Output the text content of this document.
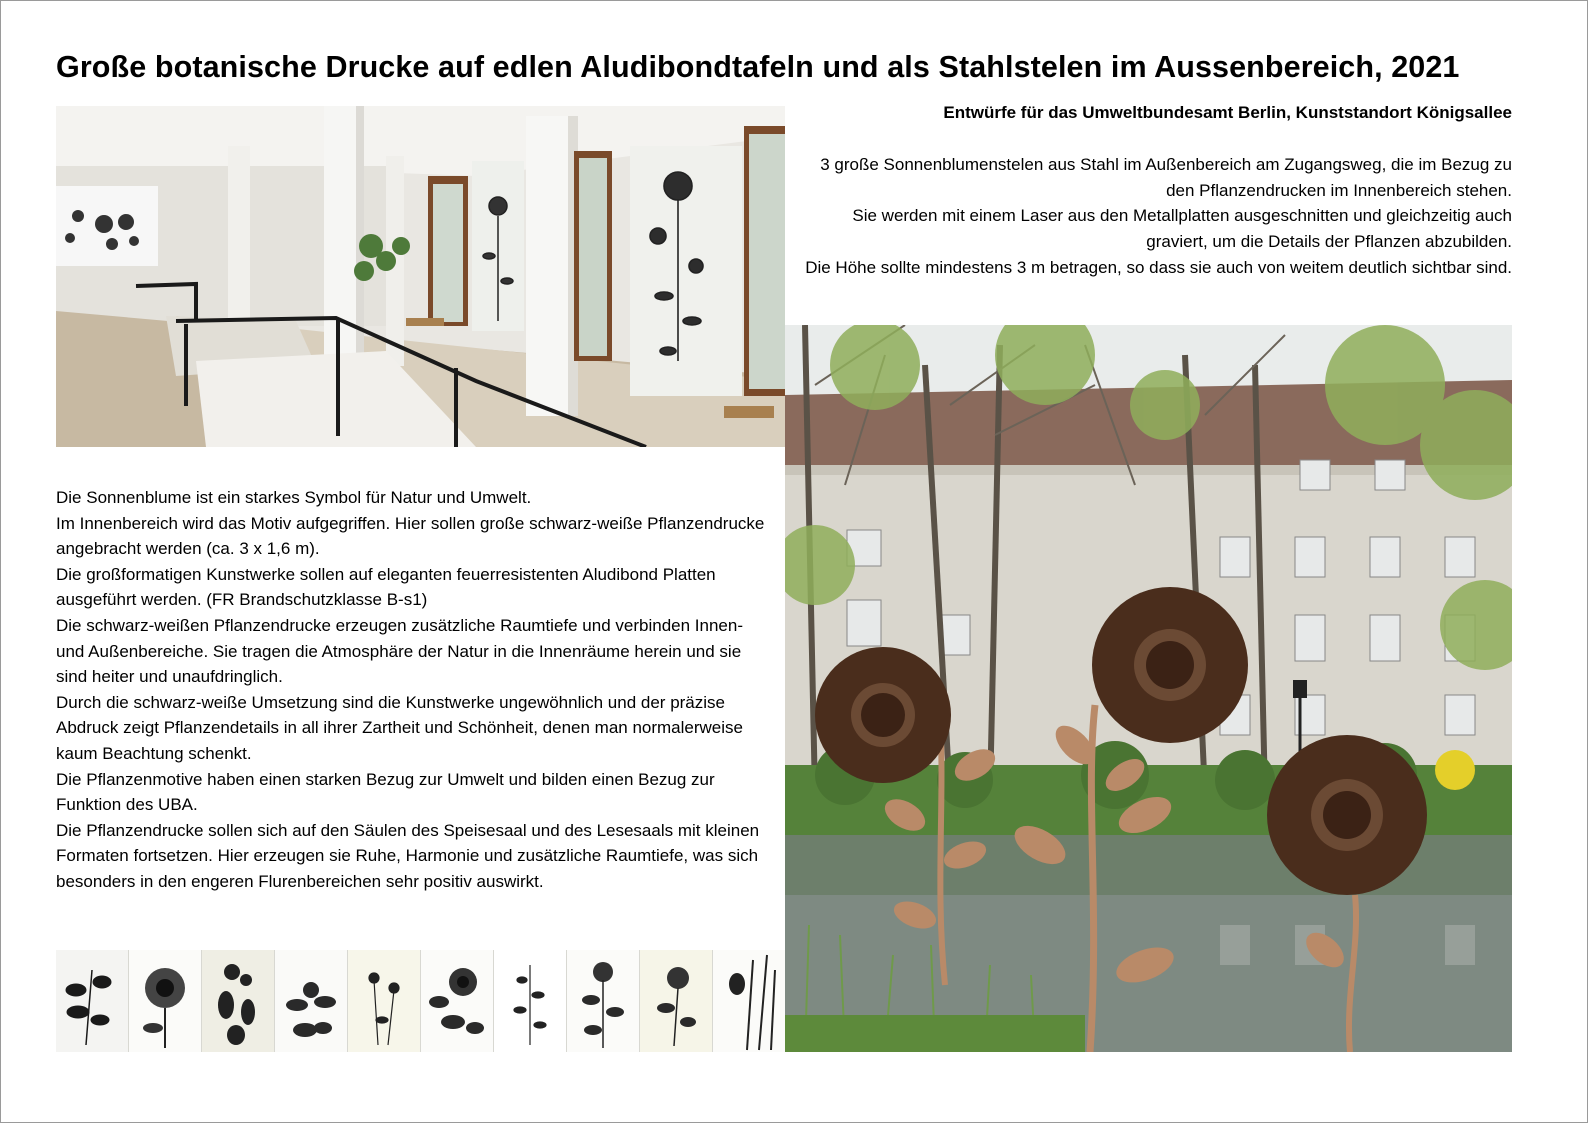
Große botanische Drucke auf edlen Aludibondtafeln und als Stahlstelen im Aussenbereich, 2021
Entwürfe für das Umweltbundesamt Berlin, Kunststandort Königsallee

3 große Sonnenblumenstelen aus Stahl im Außenbereich am Zugangsweg, die im Bezug zu den Pflanzendrucken im Innenbereich stehen.

Sie werden mit einem Laser aus den Metallplatten ausgeschnitten und gleichzeitig auch graviert, um die Details der Pflanzen abzubilden.

Die Höhe sollte mindestens 3 m betragen, so dass sie auch von weitem deutlich sichtbar sind.

Die Sonnenblume ist ein starkes Symbol für Natur und Umwelt.

Im Innenbereich wird das Motiv aufgegriffen. Hier sollen große schwarz-weiße Pflanzendrucke angebracht werden (ca. 3 x 1,6 m).

Die großformatigen Kunstwerke sollen auf eleganten feuerresistenten Aludibond Platten ausgeführt werden. (FR Brandschutzklasse B-s1)

Die schwarz-weißen Pflanzendrucke erzeugen zusätzliche Raumtiefe und verbinden Innen- und Außenbereiche. Sie tragen die Atmosphäre der Natur in die Innenräume herein und sie sind heiter und unaufdringlich.

Durch die schwarz-weiße Umsetzung sind die Kunstwerke ungewöhnlich und der präzise Abdruck zeigt Pflanzendetails in all ihrer Zartheit und Schönheit, denen man normalerweise kaum Beachtung schenkt.

Die Pflanzenmotive haben einen starken Bezug zur Umwelt und bilden einen Bezug zur Funktion des UBA.

Die Pflanzendrucke sollen sich auf den Säulen des Speisesaal und des Lesesaals mit kleinen Formaten fortsetzen. Hier erzeugen sie Ruhe, Harmonie und zusätzliche Raumtiefe, was sich besonders in den engeren Flurenbereichen sehr positiv auswirkt.
